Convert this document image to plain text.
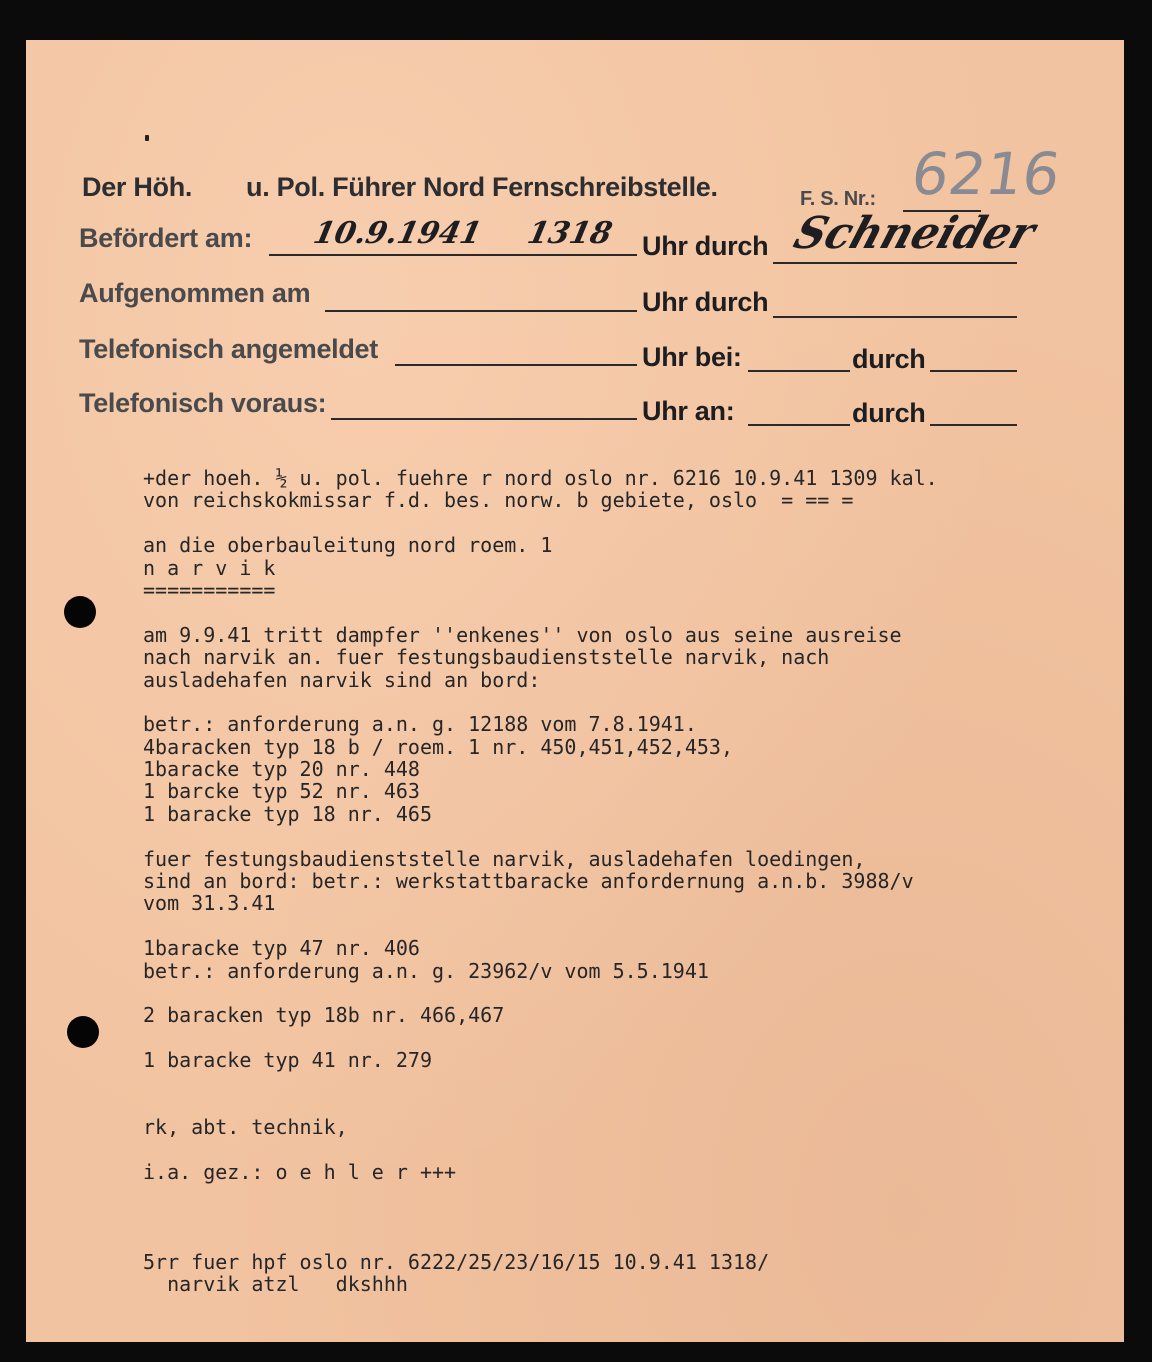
Der Höh. u. Pol. Führer Nord Fernschreibstelle.	F. S. Nr.: 6216
Befördert am: 10.9.1941 1318 Uhr durch Schneider
Aufgenommen am	Uhr durch
Telefonisch angemeldet	Uhr bei:	durch
Telefonisch voraus:	Uhr an:	durch
+der hoeh. ½ u. pol. fuehre r nord oslo nr. 6216 10.9.41 1309 kal.
von reichskokmissar f.d. bes. norw. b gebiete, oslo  = == =
an die oberbauleitung nord roem. 1
n a r v i k
===========
am 9.9.41 tritt dampfer ''enkenes'' von oslo aus seine ausreise
nach narvik an. fuer festungsbaudienststelle narvik, nach
ausladehafen narvik sind an bord:
betr.: anforderung a.n. g. 12188 vom 7.8.1941.
4baracken typ 18 b / roem. 1 nr. 450,451,452,453,
1baracke typ 20 nr. 448
1 barcke typ 52 nr. 463
1 baracke typ 18 nr. 465
fuer festungsbaudienststelle narvik, ausladehafen loedingen,
sind an bord: betr.: werkstattbaracke anfordernung a.n.b. 3988/v
vom 31.3.41
1baracke typ 47 nr. 406
betr.: anforderung a.n. g. 23962/v vom 5.5.1941
2 baracken typ 18b nr. 466,467
1 baracke typ 41 nr. 279
rk, abt. technik,
i.a. gez.: o e h l e r +++
5rr fuer hpf oslo nr. 6222/25/23/16/15 10.9.41 1318/
narvik atzl   dkshhh
